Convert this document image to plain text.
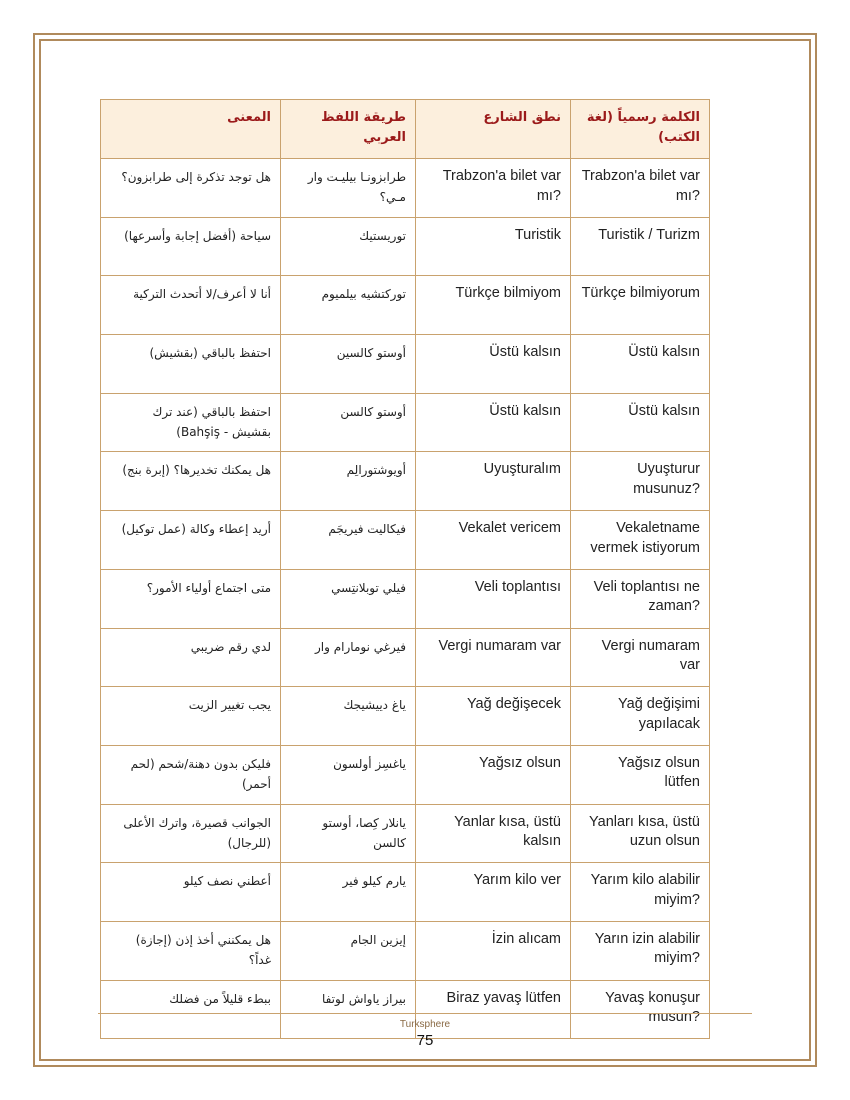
المعنى	طريقة اللفظ العربي	نطق الشارع	الكلمة رسمياً (لغة الكتب)
هل توجد تذكرة إلى طرابزون؟	طرابزونـا بيليـت وار مـي؟	Trabzon'a bilet var mı?	Trabzon'a bilet var mı?
سياحة (أفضل إجابة وأسرعها)	توريستيك	Turistik	Turistik / Turizm
أنا لا أعرف/لا أتحدث التركية	توركتشيه بيلميوم	Türkçe bilmiyom	Türkçe bilmiyorum
احتفظ بالباقي (بقشيش)	أوستو كالسين	Üstü kalsın	Üstü kalsın
احتفظ بالباقي (عند ترك بقشيش - Bahşiş)	أوستو كالسن	Üstü kalsın	Üstü kalsın
هل يمكنك تخديرها؟ (إبرة بنج)	أويوشتورالِم	Uyuşturalım	Uyuşturur musunuz?
أريد إعطاء وكالة (عمل توكيل)	فيكاليت فيريجَم	Vekalet vericem	Vekaletname vermek istiyorum
متى اجتماع أولياء الأمور؟	فيلي توبلانتِسي	Veli toplantısı	Veli toplantısı ne zaman?
لدي رقم ضريبي	فيرغي نومارام وار	Vergi numaram var	Vergi numaram var
يجب تغيير الزيت	ياغ دييشيجك	Yağ değişecek	Yağ değişimi yapılacak
فليكن بدون دهنة/شحم (لحم أحمر)	ياغسِز أولسون	Yağsız olsun	Yağsız olsun lütfen
الجوانب قصيرة، واترك الأعلى (للرجال)	يانلار كِصا، أوستو كالسن	Yanlar kısa, üstü kalsın	Yanları kısa, üstü uzun olsun
أعطني نصف كيلو	يارم كيلو فير	Yarım kilo ver	Yarım kilo alabilir miyim?
هل يمكنني أخذ إذن (إجازة) غداً؟	إيزين الجام	İzin alıcam	Yarın izin alabilir miyim?
ببطء قليلاً من فضلك	بيراز ياواش لوتفا	Biraz yavaş lütfen	Yavaş konuşur musun?
Turksphere
75
